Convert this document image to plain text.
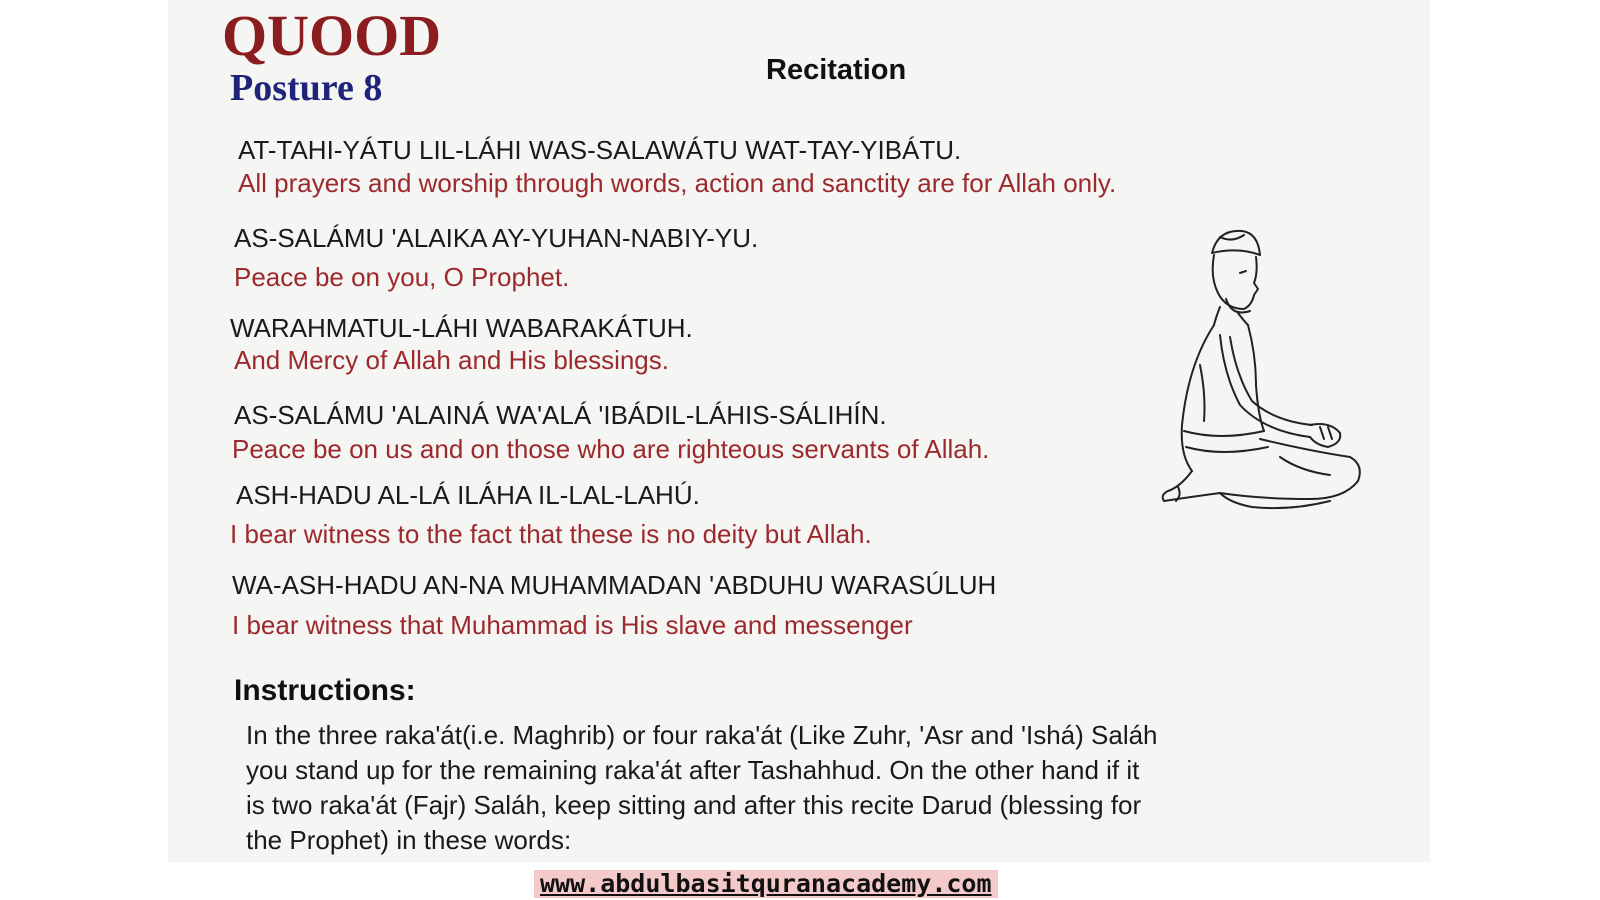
QUOOD
Posture 8	Recitation
AT-TAHI-YÁTU LIL-LÁHI WAS-SALAWÁTU WAT-TAY-YIBÁTU.
All prayers and worship through words, action and sanctity are for Allah only.
AS-SALÁMU 'ALAIKA AY-YUHAN-NABIY-YU.
Peace be on you, O Prophet.
WARAHMATUL-LÁHI WABARAKÁTUH.
And Mercy of Allah and His blessings.
AS-SALÁMU 'ALAINÁ WA'ALÁ 'IBÁDIL-LÁHIS-SÁLIHÍN.
Peace be on us and on those who are righteous servants of Allah.
ASH-HADU AL-LÁ ILÁHA IL-LAL-LAHÚ.
I bear witness to the fact that these is no deity but Allah.
WA-ASH-HADU AN-NA MUHAMMADAN 'ABDUHU WARASÚLUH
I bear witness that Muhammad is His slave and messenger
Instructions:
In the three raka'át(i.e. Maghrib) or four raka'át (Like Zuhr, 'Asr and 'Ishá) Saláh
you stand up for the remaining raka'át after Tashahhud. On the other hand if it
is two raka'át (Fajr) Saláh, keep sitting and after this recite Darud (blessing for
the Prophet) in these words:
www.abdulbasitquranacademy.com
